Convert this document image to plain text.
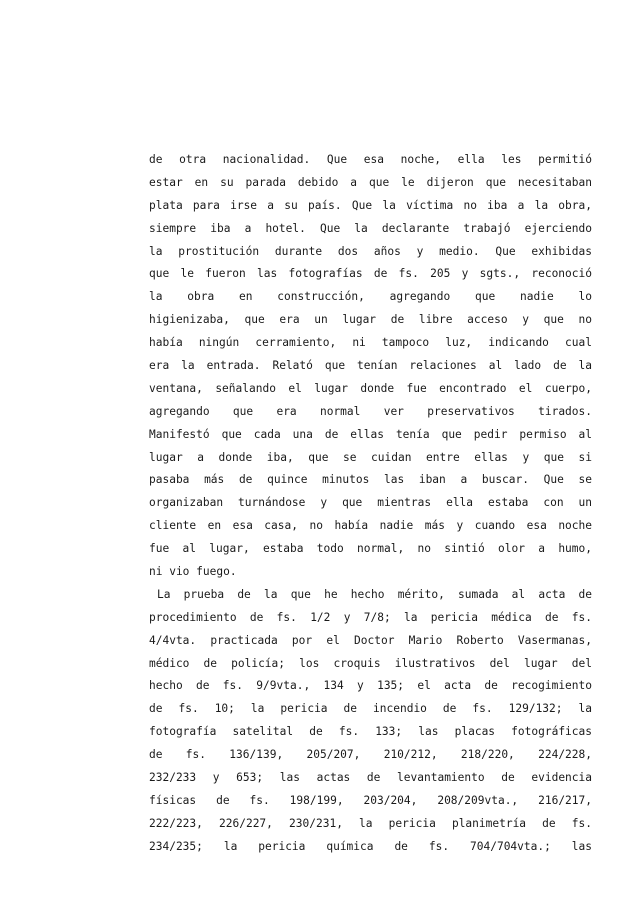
de otra nacionalidad. Que esa noche, ella les permitió
estar en su parada debido a que le dijeron que necesitaban
plata para irse a su país. Que la víctima no iba a la obra,
siempre iba a hotel. Que la declarante trabajó ejerciendo
la prostitución durante dos años y medio. Que exhibidas
que le fueron las fotografías de fs. 205 y sgts., reconoció
la obra en construcción, agregando que nadie lo
higienizaba, que era un lugar de libre acceso y que no
había ningún cerramiento, ni tampoco luz, indicando cual
era la entrada. Relató que tenían relaciones al lado de la
ventana, señalando el lugar donde fue encontrado el cuerpo,
agregando que era normal ver preservativos tirados.
Manifestó que cada una de ellas tenía que pedir permiso al
lugar a donde iba, que se cuidan entre ellas y que si
pasaba más de quince minutos las iban a buscar. Que se
organizaban turnándose y que mientras ella estaba con un
cliente en esa casa, no había nadie más y cuando esa noche
fue al lugar, estaba todo normal, no sintió olor a humo,
ni vio fuego.
La prueba de la que he hecho mérito, sumada al acta de
procedimiento de fs. 1/2 y 7/8; la pericia médica de fs.
4/4vta. practicada por el Doctor Mario Roberto Vasermanas,
médico de policía; los croquis ilustrativos del lugar del
hecho de fs. 9/9vta., 134 y 135; el acta de recogimiento
de fs. 10; la pericia de incendio de fs. 129/132; la
fotografía satelital de fs. 133; las placas fotográficas
de fs. 136/139, 205/207, 210/212, 218/220, 224/228,
232/233 y 653; las actas de levantamiento de evidencia
físicas de fs. 198/199, 203/204, 208/209vta., 216/217,
222/223, 226/227, 230/231, la pericia planimetría de fs.
234/235; la pericia química de fs. 704/704vta.; las
